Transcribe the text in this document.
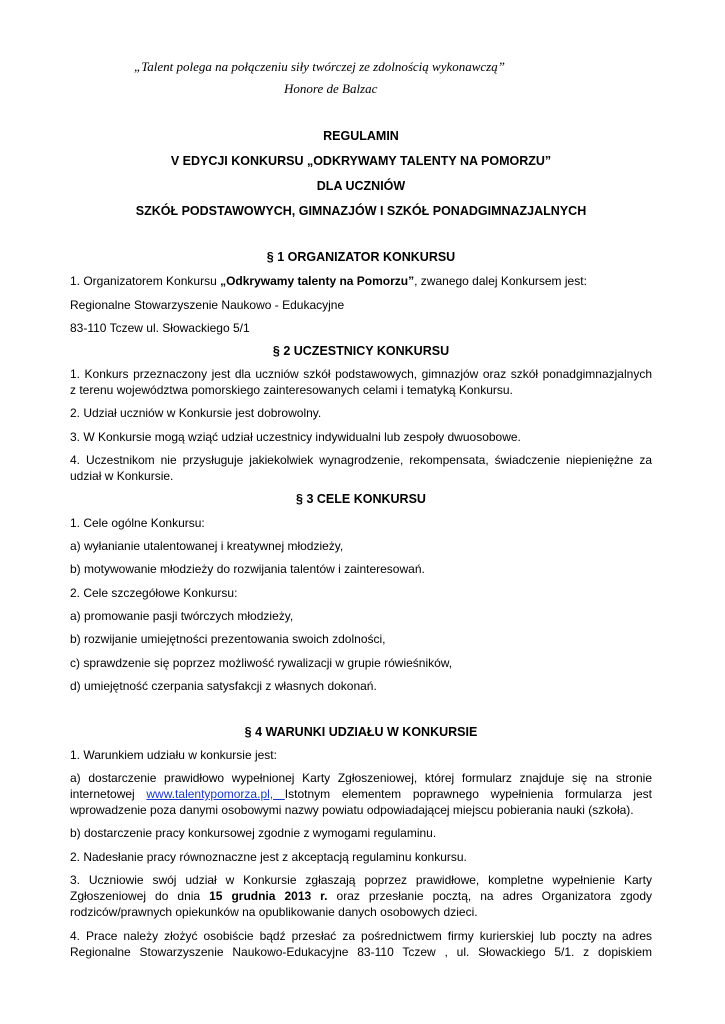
„Talent polega na połączeniu siły twórczej ze zdolnością wykonawczą”
Honore de Balzac
REGULAMIN
V EDYCJI KONKURSU „ODKRYWAMY TALENTY NA POMORZU”
DLA UCZNIÓW
SZKÓŁ PODSTAWOWYCH, GIMNAZJÓW I SZKÓŁ PONADGIMNAZJALNYCH
§ 1 ORGANIZATOR KONKURSU
1. Organizatorem Konkursu „Odkrywamy talenty na Pomorzu”, zwanego dalej Konkursem jest:
Regionalne Stowarzyszenie Naukowo - Edukacyjne
83-110 Tczew ul. Słowackiego 5/1
§ 2 UCZESTNICY KONKURSU
1. Konkurs przeznaczony jest dla uczniów szkół podstawowych, gimnazjów oraz szkół ponadgimnazjalnych
z terenu województwa pomorskiego zainteresowanych celami i tematyką Konkursu.
2. Udział uczniów w Konkursie jest dobrowolny.
3. W Konkursie mogą wziąć udział uczestnicy indywidualni lub zespoły dwuosobowe.
4. Uczestnikom nie przysługuje jakiekolwiek wynagrodzenie, rekompensata, świadczenie niepieniężne za
udział w Konkursie.
§ 3 CELE KONKURSU
1. Cele ogólne Konkursu:
a) wyłanianie utalentowanej i kreatywnej młodzieży,
b) motywowanie młodzieży do rozwijania talentów i zainteresowań.
2. Cele szczegółowe Konkursu:
a) promowanie pasji twórczych młodzieży,
b) rozwijanie umiejętności prezentowania swoich zdolności,
c) sprawdzenie się poprzez możliwość rywalizacji w grupie rówieśników,
d) umiejętność czerpania satysfakcji z własnych dokonań.
§ 4 WARUNKI UDZIAŁU W KONKURSIE
1. Warunkiem udziału w konkursie jest:
a) dostarczenie prawidłowo wypełnionej Karty Zgłoszeniowej, której formularz znajduje się na stronie
internetowej www.talentypomorza.pl, Istotnym elementem poprawnego wypełnienia formularza jest
wprowadzenie poza danymi osobowymi nazwy powiatu odpowiadającej miejscu pobierania nauki (szkoła).
b) dostarczenie pracy konkursowej zgodnie z wymogami regulaminu.
2. Nadesłanie pracy równoznaczne jest z akceptacją regulaminu konkursu.
3. Uczniowie swój udział w Konkursie zgłaszają poprzez prawidłowe, kompletne wypełnienie Karty
Zgłoszeniowej do dnia 15 grudnia 2013 r. oraz przesłanie pocztą, na adres Organizatora zgody
rodziców/prawnych opiekunków na opublikowanie danych osobowych dzieci.
4. Prace należy złożyć osobiście bądź przesłać za pośrednictwem firmy kurierskiej lub poczty na adres
Regionalne Stowarzyszenie Naukowo-Edukacyjne 83-110 Tczew , ul. Słowackiego 5/1. z dopiskiem
